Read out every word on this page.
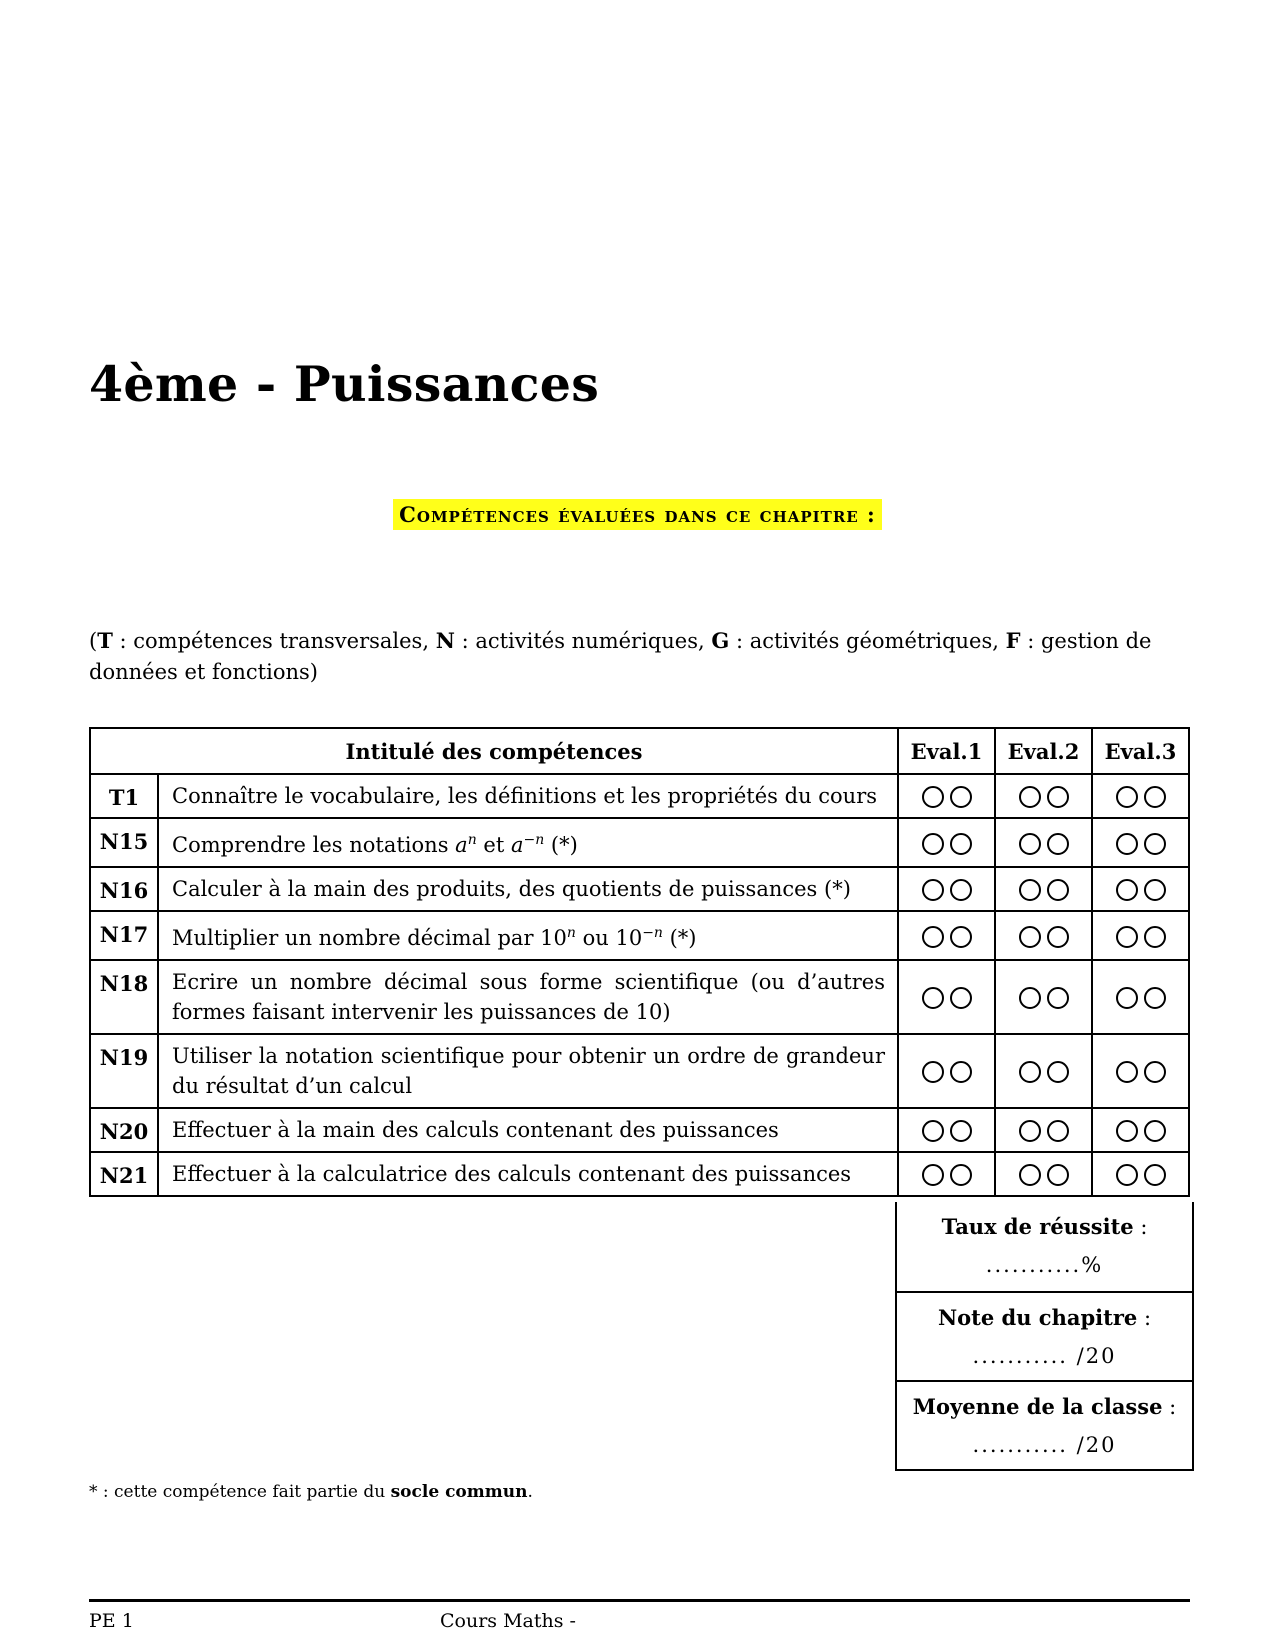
4ème - Puissances
Compétences évaluées dans ce chapitre :

(T : compétences transversales, N : activités numériques, G : activités géométriques, F : gestion de données et fonctions)

Intitulé des compétences		Eval.1	Eval.2	Eval.3
T1	Connaître le vocabulaire, les définitions et les propriétés du cours			
N15	Comprendre les notations $a^n$ et $a^{-n}$ (*)			
N16	Calculer à la main des produits, des quotients de puissances (*)			
N17	Multiplier un nombre décimal par 10$^n$ ou $10^{-n}$ (*)			
N18	Ecrire un nombre décimal sous forme scientifique (ou d’autres formes faisant intervenir les puissances de 10)			
N19	Utiliser la notation scientifique pour obtenir un ordre de grandeur du résultat d’un calcul			
N20	Effectuer à la main des calculs contenant des puissances			
N21	Effectuer à la calculatrice des calculs contenant des puissances			
Taux de réussite :
...........%
Note du chapitre :
........... /20
Moyenne de la classe :
........... /20

* : cette compétence fait partie du socle commun.

PE 1	Cours Maths -
